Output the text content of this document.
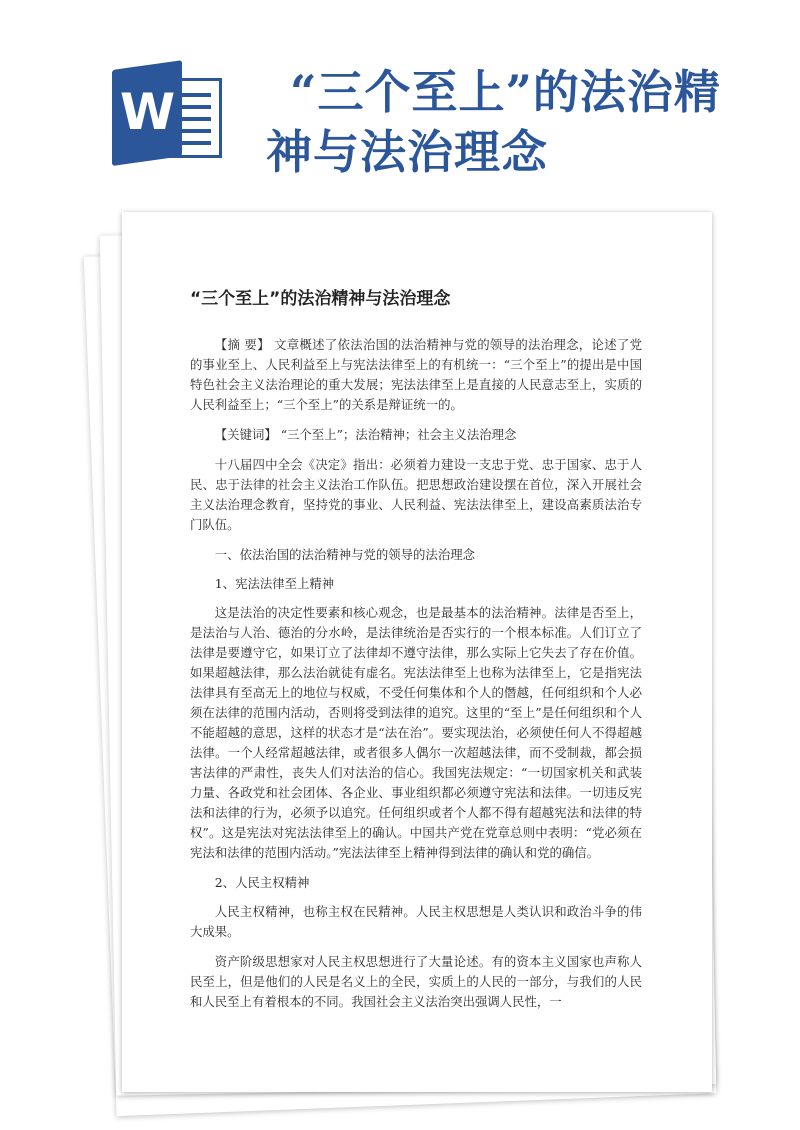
W	“三个至上”的法治精
神与法治理念
“三个至上”的法治精神与法治理念

【摘 要】 文章概述了依法治国的法治精神与党的领导的法治理念，论述了党的事业至上、人民利益至上与宪法法律至上的有机统一：“三个至上”的提出是中国特色社会主义法治理论的重大发展；宪法法律至上是直接的人民意志至上，实质的人民利益至上；“三个至上”的关系是辩证统一的。

【关键词】 “三个至上”；法治精神；社会主义法治理念

十八届四中全会《决定》指出：必须着力建设一支忠于党、忠于国家、忠于人民、忠于法律的社会主义法治工作队伍。把思想政治建设摆在首位，深入开展社会主义法治理念教育，坚持党的事业、人民利益、宪法法律至上，建设高素质法治专门队伍。

一、依法治国的法治精神与党的领导的法治理念

1、宪法法律至上精神

这是法治的决定性要素和核心观念，也是最基本的法治精神。法律是否至上，是法治与人治、德治的分水岭，是法律统治是否实行的一个根本标准。人们订立了法律是要遵守它，如果订立了法律却不遵守法律，那么实际上它失去了存在价值。如果超越法律，那么法治就徒有虚名。宪法法律至上也称为法律至上，它是指宪法法律具有至高无上的地位与权威，不受任何集体和个人的僭越，任何组织和个人必须在法律的范围内活动，否则将受到法律的追究。这里的“至上”是任何组织和个人不能超越的意思，这样的状态才是“法在治”。要实现法治，必须使任何人不得超越法律。一个人经常超越法律，或者很多人偶尔一次超越法律，而不受制裁，都会损害法律的严肃性，丧失人们对法治的信心。我国宪法规定：“一切国家机关和武装力量、各政党和社会团体、各企业、事业组织都必须遵守宪法和法律。一切违反宪法和法律的行为，必须予以追究。任何组织或者个人都不得有超越宪法和法律的特权”。这是宪法对宪法法律至上的确认。中国共产党在党章总则中表明：“党必须在宪法和法律的范围内活动。”宪法法律至上精神得到法律的确认和党的确信。

2、人民主权精神

人民主权精神，也称主权在民精神。人民主权思想是人类认识和政治斗争的伟大成果。

资产阶级思想家对人民主权思想进行了大量论述。有的资本主义国家也声称人民至上，但是他们的人民是名义上的全民，实质上的人民的一部分，与我们的人民和人民至上有着根本的不同。我国社会主义法治突出强调人民性，一
